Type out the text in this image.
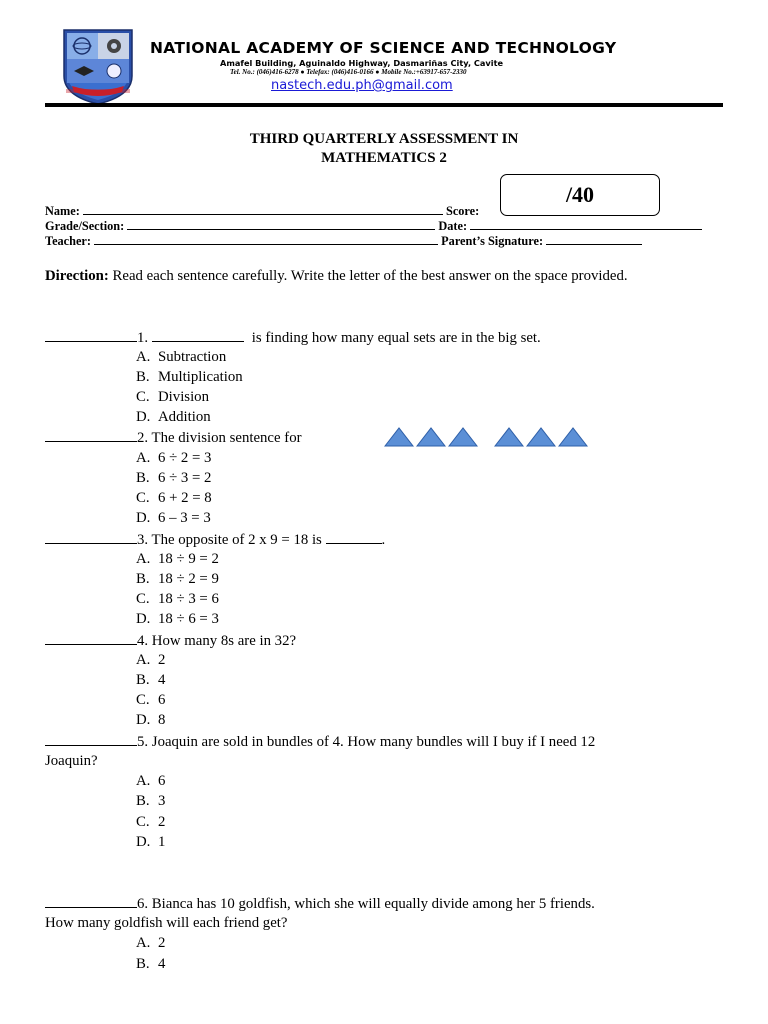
NATIONAL ACADEMY OF SCIENCE AND TECHNOLOGY
Amafel Building, Aguinaldo Highway, Dasmariñas City, Cavite
Tel. No.: (046)416-6278 ● Telefax: (046)416-0166 ● Mobile No.:+63917-657-2330
nastech.edu.ph@gmail.com
THIRD QUARTERLY ASSESSMENT IN
MATHEMATICS 2
/40
Name:	Score:
Grade/Section:	Date:
Teacher:	Parent’s Signature:
Direction: Read each sentence carefully. Write the letter of the best answer on the space provided.
1.	is finding how many equal sets are in the big set.
A. Subtraction
B. Multiplication
C. Division
D. Addition
2. The division sentence for
A. 6 ÷ 2 = 3
B. 6 ÷ 3 = 2
C. 6 + 2 = 8
D. 6 – 3 = 3
3. The opposite of 2 x 9 = 18 is	.
A. 18 ÷ 9 = 2
B. 18 ÷ 2 = 9
C. 18 ÷ 3 = 6
D. 18 ÷ 6 = 3
4. How many 8s are in 32?
A. 2
B. 4
C. 6
D. 8
5. Joaquin are sold in bundles of 4. How many bundles will I buy if I need 12
Joaquin?
A. 6
B. 3
C. 2
D. 1
6. Bianca has 10 goldfish, which she will equally divide among her 5 friends.
How many goldfish will each friend get?
A. 2
B. 4
